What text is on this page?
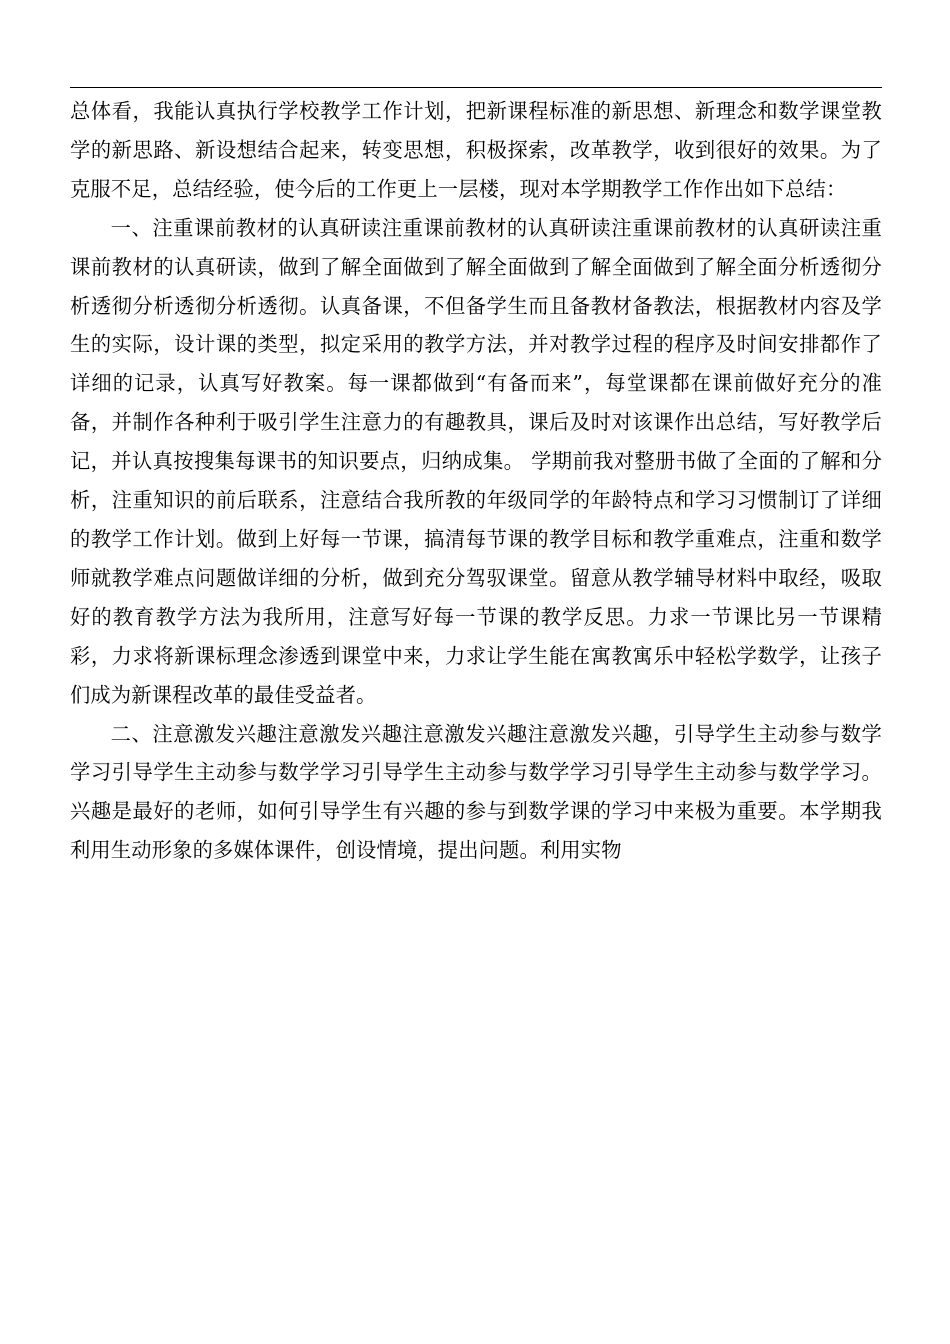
总体看，我能认真执行学校教学工作计划，把新课程标准的新思想、新理念和数学课堂教学的新思路、新设想结合起来，转变思想，积极探索，改革教学，收到很好的效果。为了克服不足，总结经验，使今后的工作更上一层楼，现对本学期教学工作作出如下总结：

一、注重课前教材的认真研读注重课前教材的认真研读注重课前教材的认真研读注重课前教材的认真研读，做到了解全面做到了解全面做到了解全面做到了解全面分析透彻分析透彻分析透彻分析透彻。认真备课，不但备学生而且备教材备教法，根据教材内容及学生的实际，设计课的类型，拟定采用的教学方法，并对教学过程的程序及时间安排都作了详细的记录，认真写好教案。每一课都做到“有备而来”，每堂课都在课前做好充分的准备，并制作各种利于吸引学生注意力的有趣教具，课后及时对该课作出总结，写好教学后记，并认真按搜集每课书的知识要点，归纳成集。 学期前我对整册书做了全面的了解和分析，注重知识的前后联系，注意结合我所教的年级同学的年龄特点和学习习惯制订了详细的教学工作计划。做到上好每一节课，搞清每节课的教学目标和教学重难点，注重和数学师就教学难点问题做详细的分析，做到充分驾驭课堂。留意从教学辅导材料中取经，吸取好的教育教学方法为我所用，注意写好每一节课的教学反思。力求一节课比另一节课精彩，力求将新课标理念渗透到课堂中来，力求让学生能在寓教寓乐中轻松学数学，让孩子们成为新课程改革的最佳受益者。

二、注意激发兴趣注意激发兴趣注意激发兴趣注意激发兴趣，引导学生主动参与数学学习引导学生主动参与数学学习引导学生主动参与数学学习引导学生主动参与数学学习。兴趣是最好的老师，如何引导学生有兴趣的参与到数学课的学习中来极为重要。本学期我利用生动形象的多媒体课件，创设情境，提出问题。利用实物
